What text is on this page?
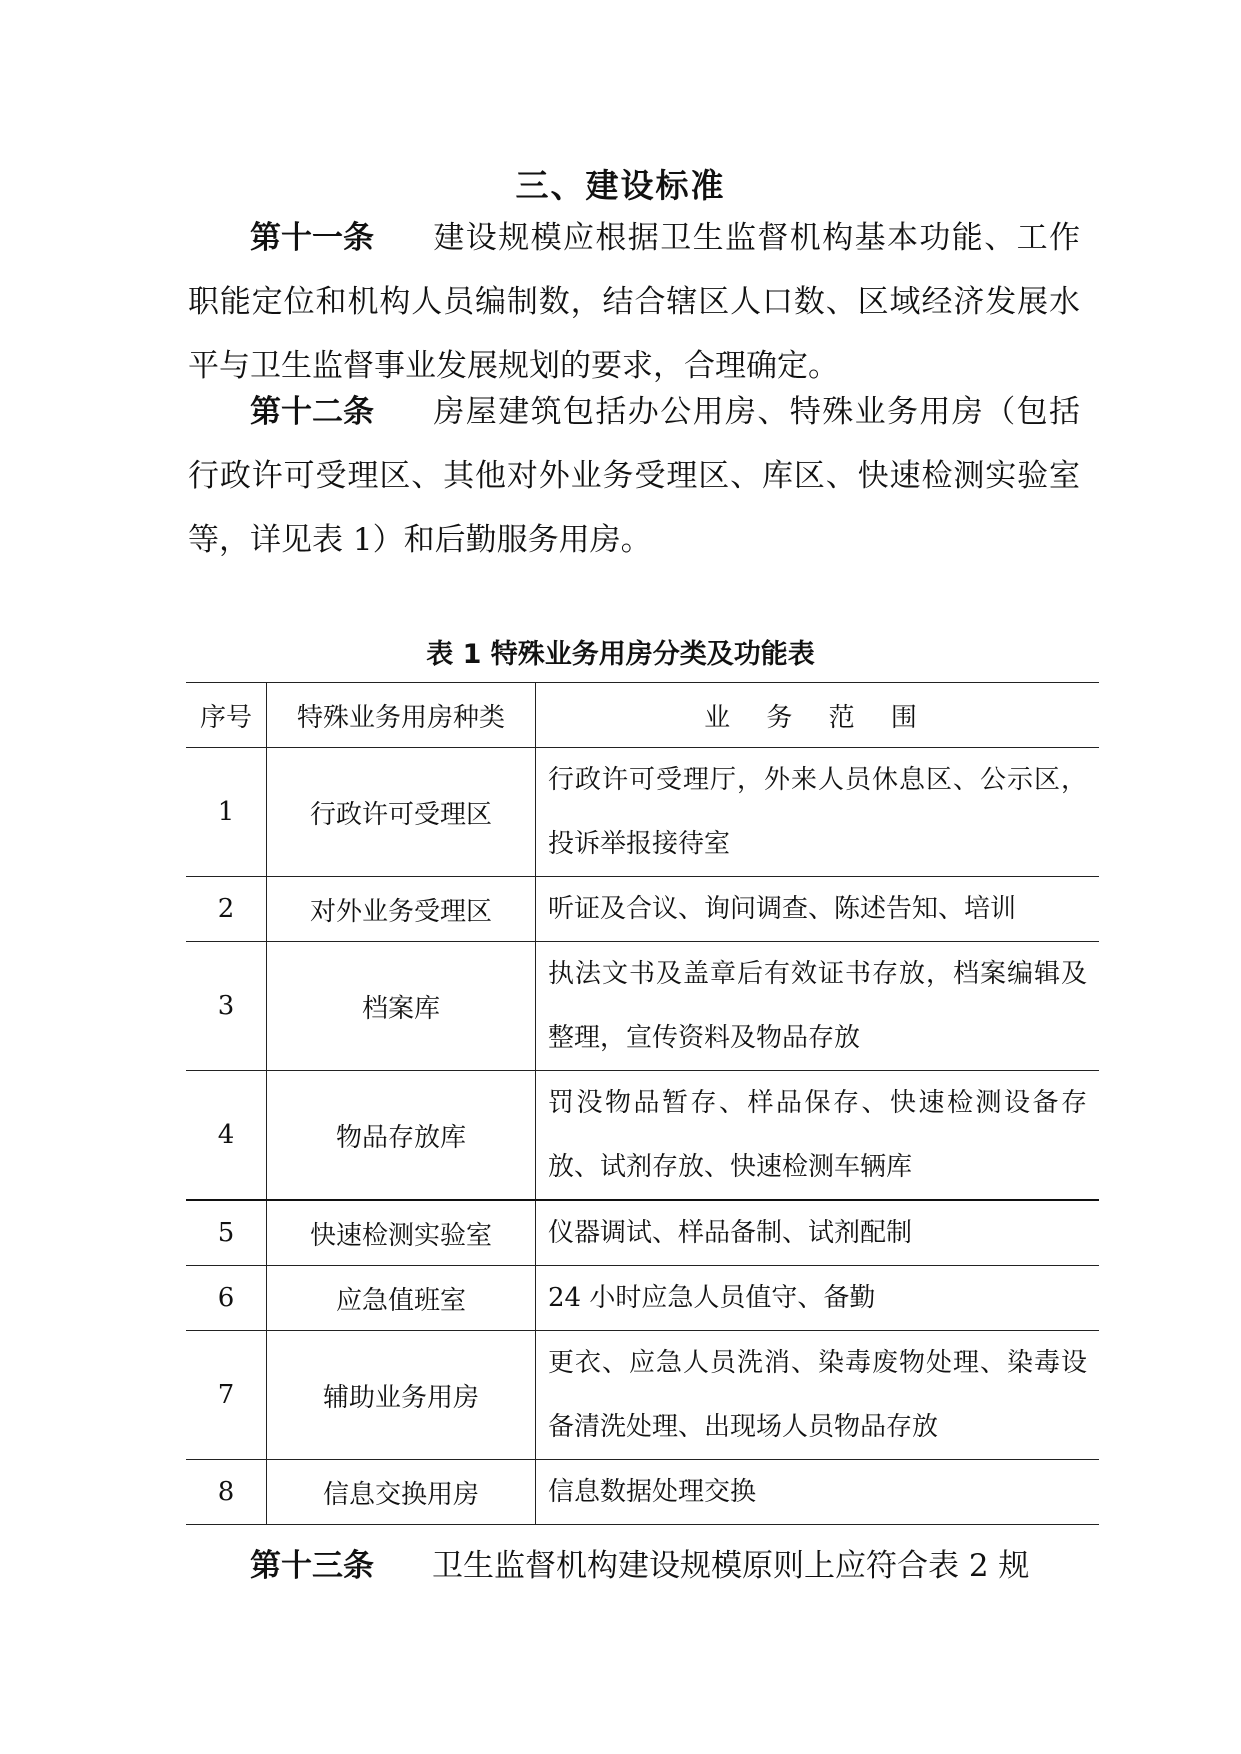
三、建设标准

第十一条 建设规模应根据卫生监督机构基本功能、工作职能定位和机构人员编制数，结合辖区人口数、区域经济发展水平与卫生监督事业发展规划的要求，合理确定。

第十二条 房屋建筑包括办公用房、特殊业务用房（包括行政许可受理区、其他对外业务受理区、库区、快速检测实验室等，详见表 1）和后勤服务用房。

表 1 特殊业务用房分类及功能表
序号	特殊业务用房种类	业 务 范 围
1	行政许可受理区	行政许可受理厅，外来人员休息区、公示区，投诉举报接待室
2	对外业务受理区	听证及合议、询问调查、陈述告知、培训
3	档案库	执法文书及盖章后有效证书存放，档案编辑及整理，宣传资料及物品存放
4	物品存放库	罚没物品暂存、样品保存、快速检测设备存放、试剂存放、快速检测车辆库
5	快速检测实验室	仪器调试、样品备制、试剂配制
6	应急值班室	24 小时应急人员值守、备勤
7	辅助业务用房	更衣、应急人员洗消、染毒废物处理、染毒设备清洗处理、出现场人员物品存放
8	信息交换用房	信息数据处理交换

第十三条 卫生监督机构建设规模原则上应符合表 2 规
